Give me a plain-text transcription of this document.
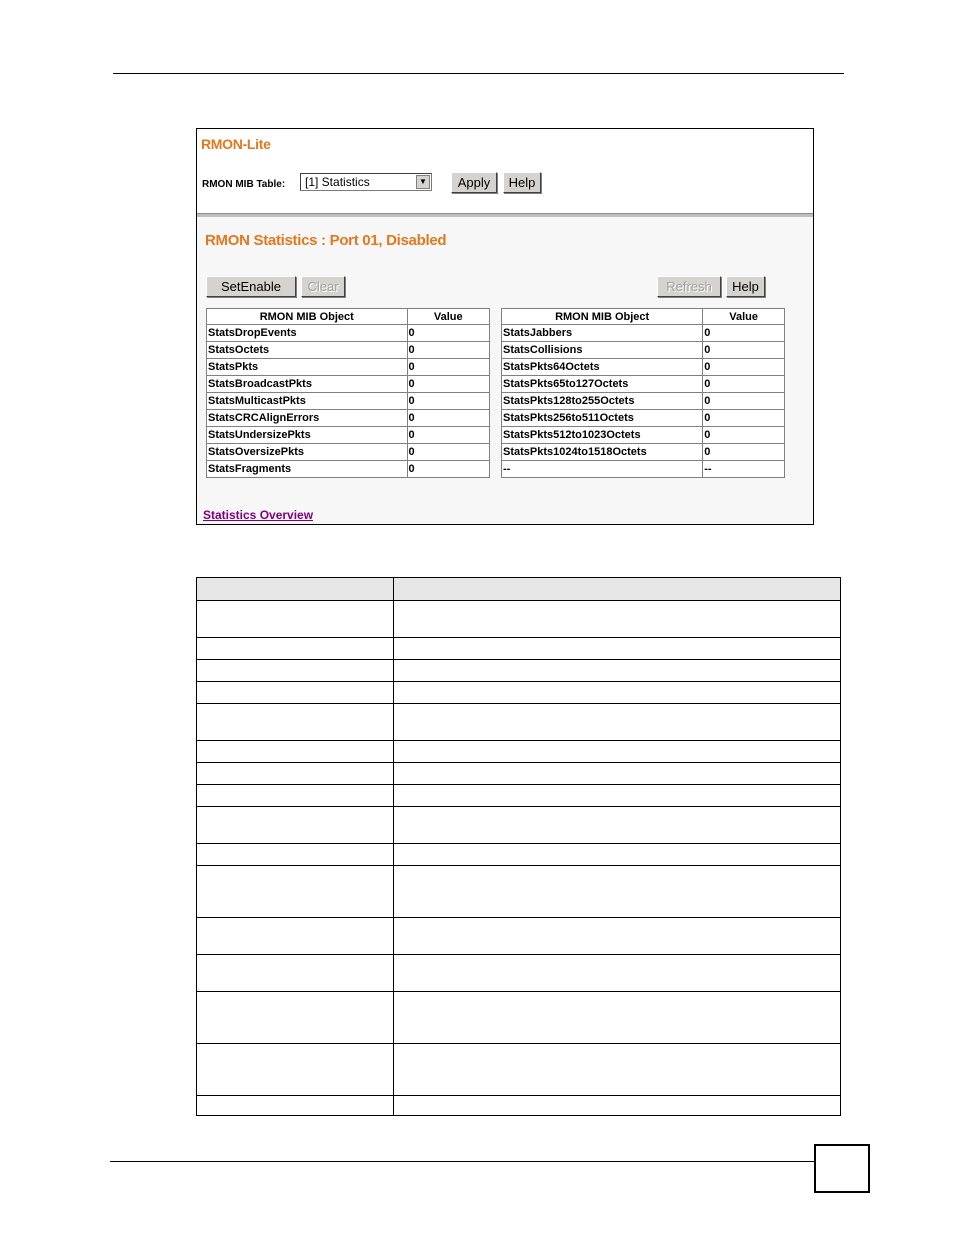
RMON-Lite
RMON MIB Table: [1] Statistics	▼	Apply	Help
RMON Statistics : Port 01, Disabled
SetEnable	Clear	Refresh	Help
RMON MIB Object	Value
StatsDropEvents	0
StatsOctets	0
StatsPkts	0
StatsBroadcastPkts	0
StatsMulticastPkts	0
StatsCRCAlignErrors	0
StatsUndersizePkts	0
StatsOversizePkts	0
StatsFragments	0
RMON MIB Object	Value
StatsJabbers	0
StatsCollisions	0
StatsPkts64Octets	0
StatsPkts65to127Octets	0
StatsPkts128to255Octets	0
StatsPkts256to511Octets	0
StatsPkts512to1023Octets	0
StatsPkts1024to1518Octets	0
--	--
Statistics Overview
